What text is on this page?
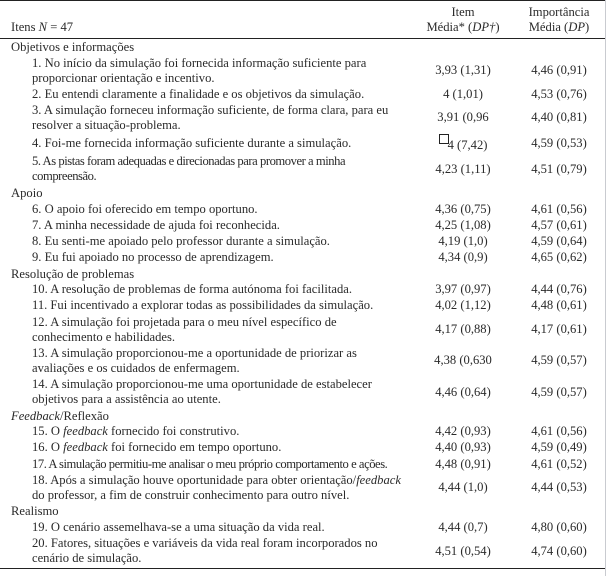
Itens N = 47	Item
Média* (DP†)	Importância
Média (DP)

Objetivos e informações		
1. No início da simulação foi fornecida informação suficiente para proporcionar orientação e incentivo.	3,93 (1,31)	4,46 (0,91)
2. Eu entendi claramente a finalidade e os objetivos da simulação.	4 (1,01)	4,53 (0,76)
3. A simulação forneceu informação suficiente, de forma clara, para eu resolver a situação-problema.	3,91 (0,96	4,40 (0,81)
4. Foi-me fornecida informação suficiente durante a simulação.	4 (7,42)	4,59 (0,53)
5. As pistas foram adequadas e direcionadas para promover a minha compreensão.	4,23 (1,11)	4,51 (0,79)
Apoio		
6. O apoio foi oferecido em tempo oportuno.	4,36 (0,75)	4,61 (0,56)
7. A minha necessidade de ajuda foi reconhecida.	4,25 (1,08)	4,57 (0,61)
8. Eu senti-me apoiado pelo professor durante a simulação.	4,19 (1,0)	4,59 (0,64)
9. Eu fui apoiado no processo de aprendizagem.	4,34 (0,9)	4,65 (0,62)
Resolução de problemas		
10. A resolução de problemas de forma autónoma foi facilitada.	3,97 (0,97)	4,44 (0,76)
11. Fui incentivado a explorar todas as possibilidades da simulação.	4,02 (1,12)	4,48 (0,61)
12. A simulação foi projetada para o meu nível específico de conhecimento e habilidades.	4,17 (0,88)	4,17 (0,61)
13. A simulação proporcionou-me a oportunidade de priorizar as avaliações e os cuidados de enfermagem.	4,38 (0,630	4,59 (0,57)
14. A simulação proporcionou-me uma oportunidade de estabelecer objetivos para a assistência ao utente.	4,46 (0,64)	4,59 (0,57)
Feedback/Reflexão		
15. O feedback fornecido foi construtivo.	4,42 (0,93)	4,61 (0,56)
16. O feedback foi fornecido em tempo oportuno.	4,40 (0,93)	4,59 (0,49)
17. A simulação permitiu-me analisar o meu próprio comportamento e ações.	4,48 (0,91)	4,61 (0,52)
18. Após a simulação houve oportunidade para obter orientação/feedback do professor, a fim de construir conhecimento para outro nível.	4,44 (1,0)	4,44 (0,53)
Realismo		
19. O cenário assemelhava-se a uma situação da vida real.	4,44 (0,7)	4,80 (0,60)
20. Fatores, situações e variáveis da vida real foram incorporados no cenário de simulação.	4,51 (0,54)	4,74 (0,60)
